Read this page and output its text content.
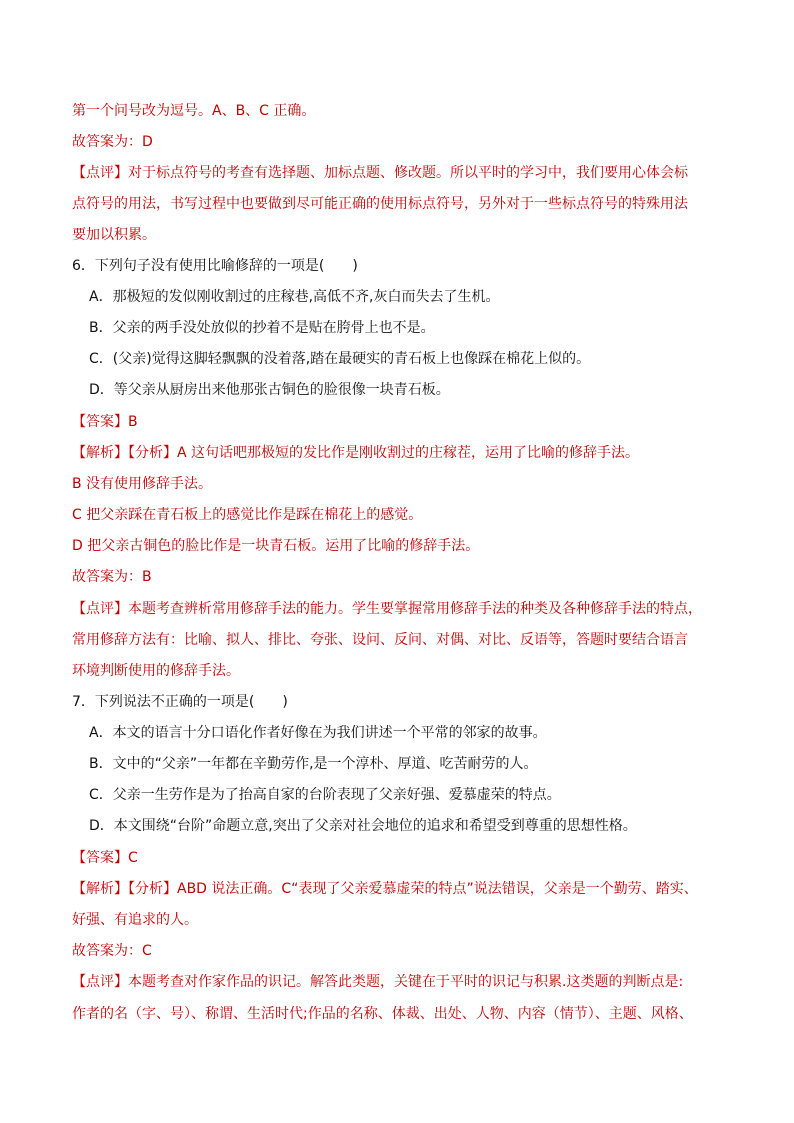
第一个问号改为逗号。A、B、C 正确。
故答案为：D
【点评】对于标点符号的考查有选择题、加标点题、修改题。所以平时的学习中，我们要用心体会标
点符号的用法，书写过程中也要做到尽可能正确的使用标点符号，另外对于一些标点符号的特殊用法
要加以积累。
6．下列句子没有使用比喻修辞的一项是(　　)
A．那极短的发似刚收割过的庄稼巷,高低不齐,灰白而失去了生机。
B．父亲的两手没处放似的抄着不是贴在胯骨上也不是。
C．(父亲)觉得这脚轻飘飘的没着落,踏在最硬实的青石板上也像踩在棉花上似的。
D．等父亲从厨房出来他那张古铜色的脸很像一块青石板。
【答案】B
【解析】【分析】A 这句话吧那极短的发比作是刚收割过的庄稼茬，运用了比喻的修辞手法。
B 没有使用修辞手法。
C 把父亲踩在青石板上的感觉比作是踩在棉花上的感觉。
D 把父亲古铜色的脸比作是一块青石板。运用了比喻的修辞手法。
故答案为：B
【点评】本题考查辨析常用修辞手法的能力。学生要掌握常用修辞手法的种类及各种修辞手法的特点，
常用修辞方法有：比喻、拟人、排比、夸张、设问、反问、对偶、对比、反语等，答题时要结合语言
环境判断使用的修辞手法。
7．下列说法不正确的一项是(　　)
A．本文的语言十分口语化作者好像在为我们讲述一个平常的邻家的故事。
B．文中的“父亲”一年都在辛勤劳作,是一个淳朴、厚道、吃苦耐劳的人。
C．父亲一生劳作是为了抬高自家的台阶表现了父亲好强、爱慕虚荣的特点。
D．本文围绕“台阶”命题立意,突出了父亲对社会地位的追求和希望受到尊重的思想性格。
【答案】C
【解析】【分析】ABD 说法正确。C“表现了父亲爱慕虚荣的特点”说法错误，父亲是一个勤劳、踏实、
好强、有追求的人。
故答案为：C
【点评】本题考查对作家作品的识记。解答此类题，关键在于平时的识记与积累.这类题的判断点是:
作者的名（字、号）、称谓、生活时代;作品的名称、体裁、出处、人物、内容（情节）、主题、风格、
